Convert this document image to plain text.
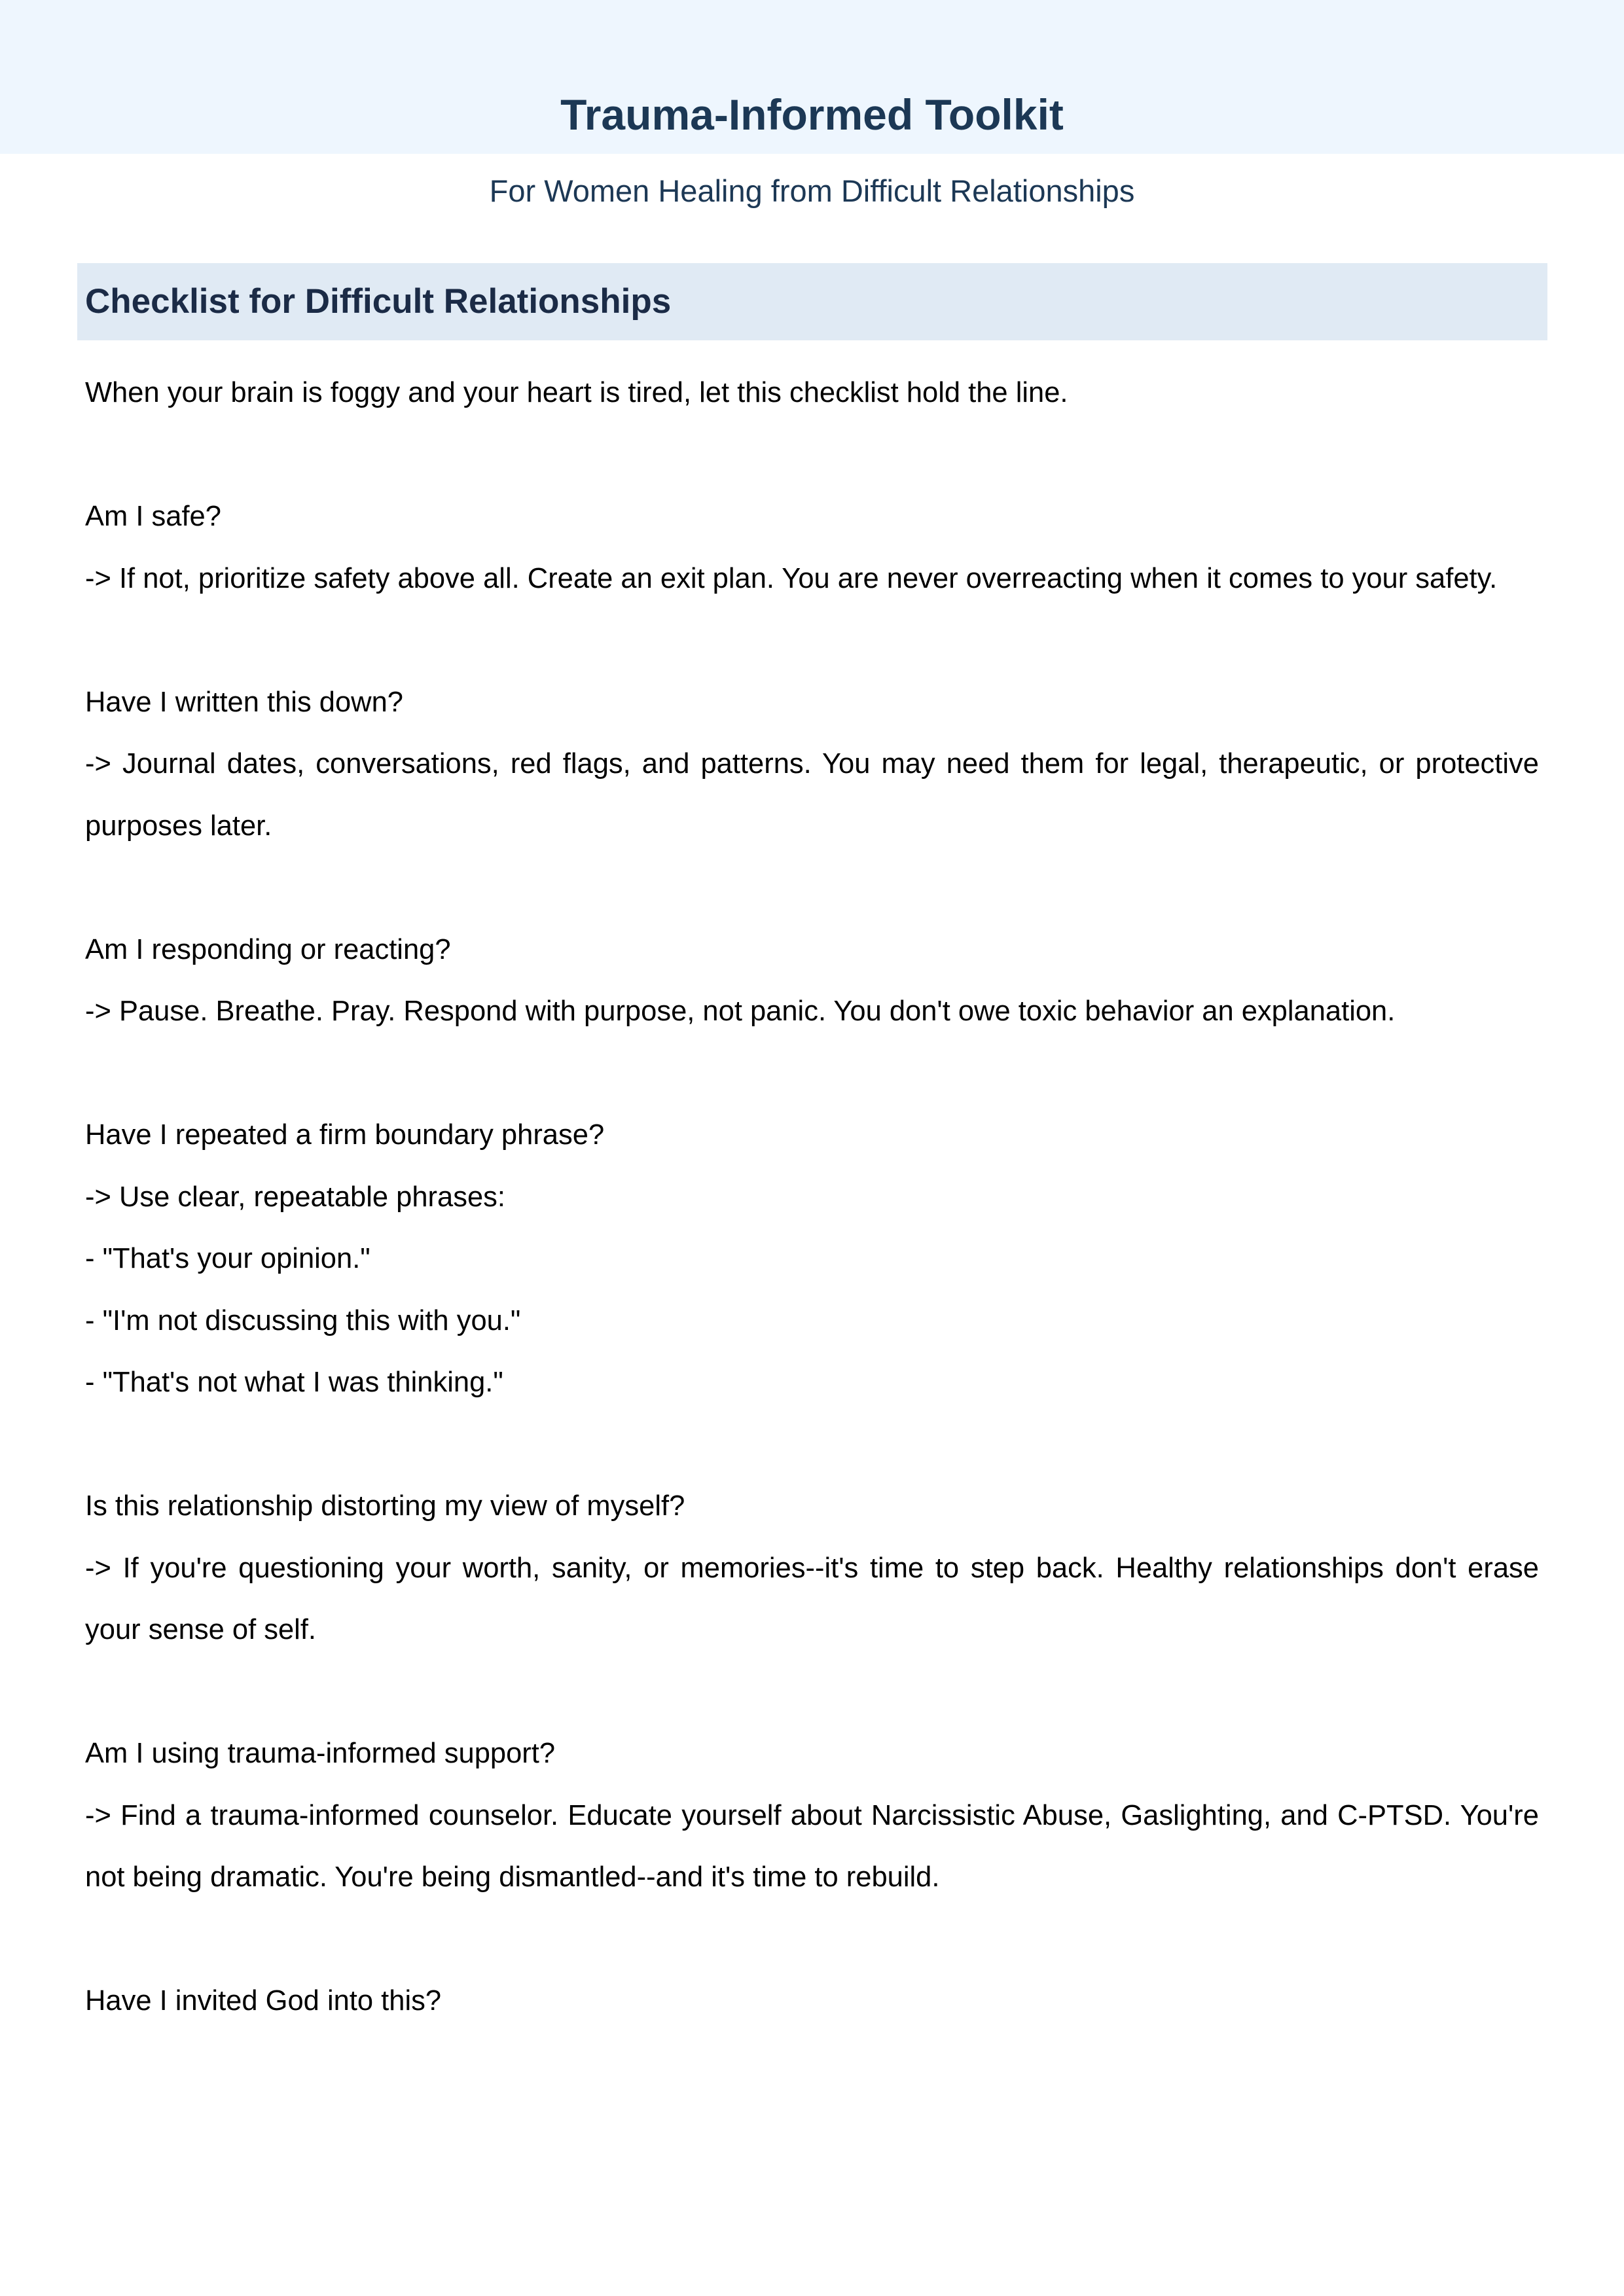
Trauma-Informed Toolkit

For Women Healing from Difficult Relationships

Checklist for Difficult Relationships

When your brain is foggy and your heart is tired, let this checklist hold the line.

Am I safe?

-> If not, prioritize safety above all. Create an exit plan. You are never overreacting when it comes to your safety.

Have I written this down?

-> Journal dates, conversations, red flags, and patterns. You may need them for legal, therapeutic, or protective purposes later.

Am I responding or reacting?

-> Pause. Breathe. Pray. Respond with purpose, not panic. You don't owe toxic behavior an explanation.

Have I repeated a firm boundary phrase?

-> Use clear, repeatable phrases:

- "That's your opinion."

- "I'm not discussing this with you."

- "That's not what I was thinking."

Is this relationship distorting my view of myself?

-> If you're questioning your worth, sanity, or memories--it's time to step back. Healthy relationships don't erase your sense of self.

Am I using trauma-informed support?

-> Find a trauma-informed counselor. Educate yourself about Narcissistic Abuse, Gaslighting, and C-PTSD. You're not being dramatic. You're being dismantled--and it's time to rebuild.

Have I invited God into this?
